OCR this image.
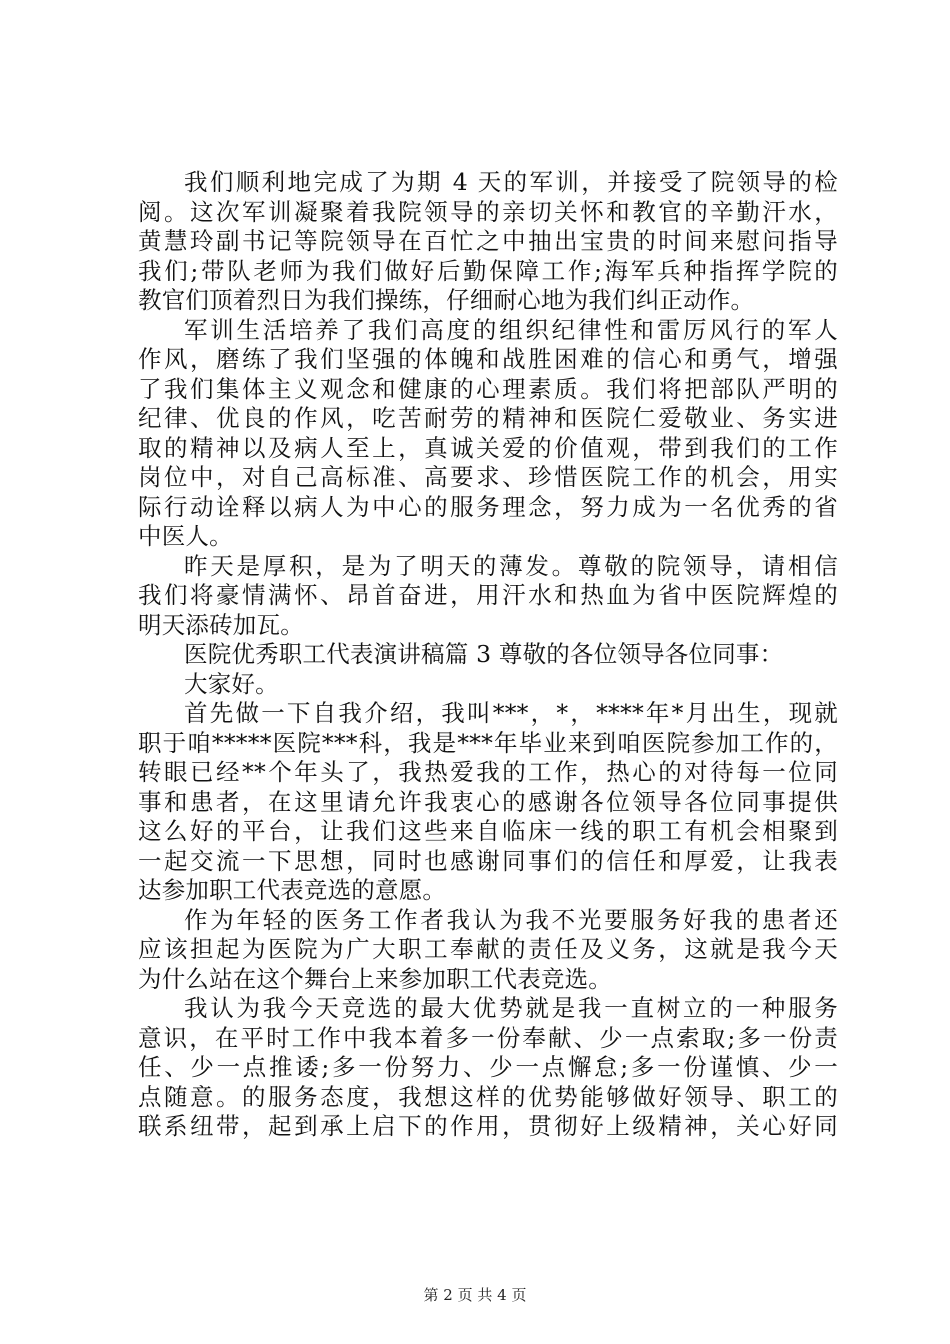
我们顺利地完成了为期 4 天的军训，并接受了院领导的检
阅。这次军训凝聚着我院领导的亲切关怀和教官的辛勤汗水，
黄慧玲副书记等院领导在百忙之中抽出宝贵的时间来慰问指导
我们;带队老师为我们做好后勤保障工作;海军兵种指挥学院的
教官们顶着烈日为我们操练，仔细耐心地为我们纠正动作。
军训生活培养了我们高度的组织纪律性和雷厉风行的军人
作风，磨练了我们坚强的体魄和战胜困难的信心和勇气，增强
了我们集体主义观念和健康的心理素质。我们将把部队严明的
纪律、优良的作风，吃苦耐劳的精神和医院仁爱敬业、务实进
取的精神以及病人至上，真诚关爱的价值观，带到我们的工作
岗位中，对自己高标准、高要求、珍惜医院工作的机会，用实
际行动诠释以病人为中心的服务理念，努力成为一名优秀的省
中医人。
昨天是厚积，是为了明天的薄发。尊敬的院领导，请相信
我们将豪情满怀、昂首奋进，用汗水和热血为省中医院辉煌的
明天添砖加瓦。
医院优秀职工代表演讲稿篇 3 尊敬的各位领导各位同事：
大家好。
首先做一下自我介绍，我叫***，*，****年*月出生，现就
职于咱*****医院***科，我是***年毕业来到咱医院参加工作的，
转眼已经**个年头了，我热爱我的工作，热心的对待每一位同
事和患者，在这里请允许我衷心的感谢各位领导各位同事提供
这么好的平台，让我们这些来自临床一线的职工有机会相聚到
一起交流一下思想，同时也感谢同事们的信任和厚爱，让我表
达参加职工代表竞选的意愿。
作为年轻的医务工作者我认为我不光要服务好我的患者还
应该担起为医院为广大职工奉献的责任及义务，这就是我今天
为什么站在这个舞台上来参加职工代表竞选。
我认为我今天竞选的最大优势就是我一直树立的一种服务
意识，在平时工作中我本着多一份奉献、少一点索取;多一份责
任、少一点推诿;多一份努力、少一点懈怠;多一份谨慎、少一
点随意。的服务态度，我想这样的优势能够做好领导、职工的
联系纽带，起到承上启下的作用，贯彻好上级精神，关心好同
第 2 页 共 4 页
